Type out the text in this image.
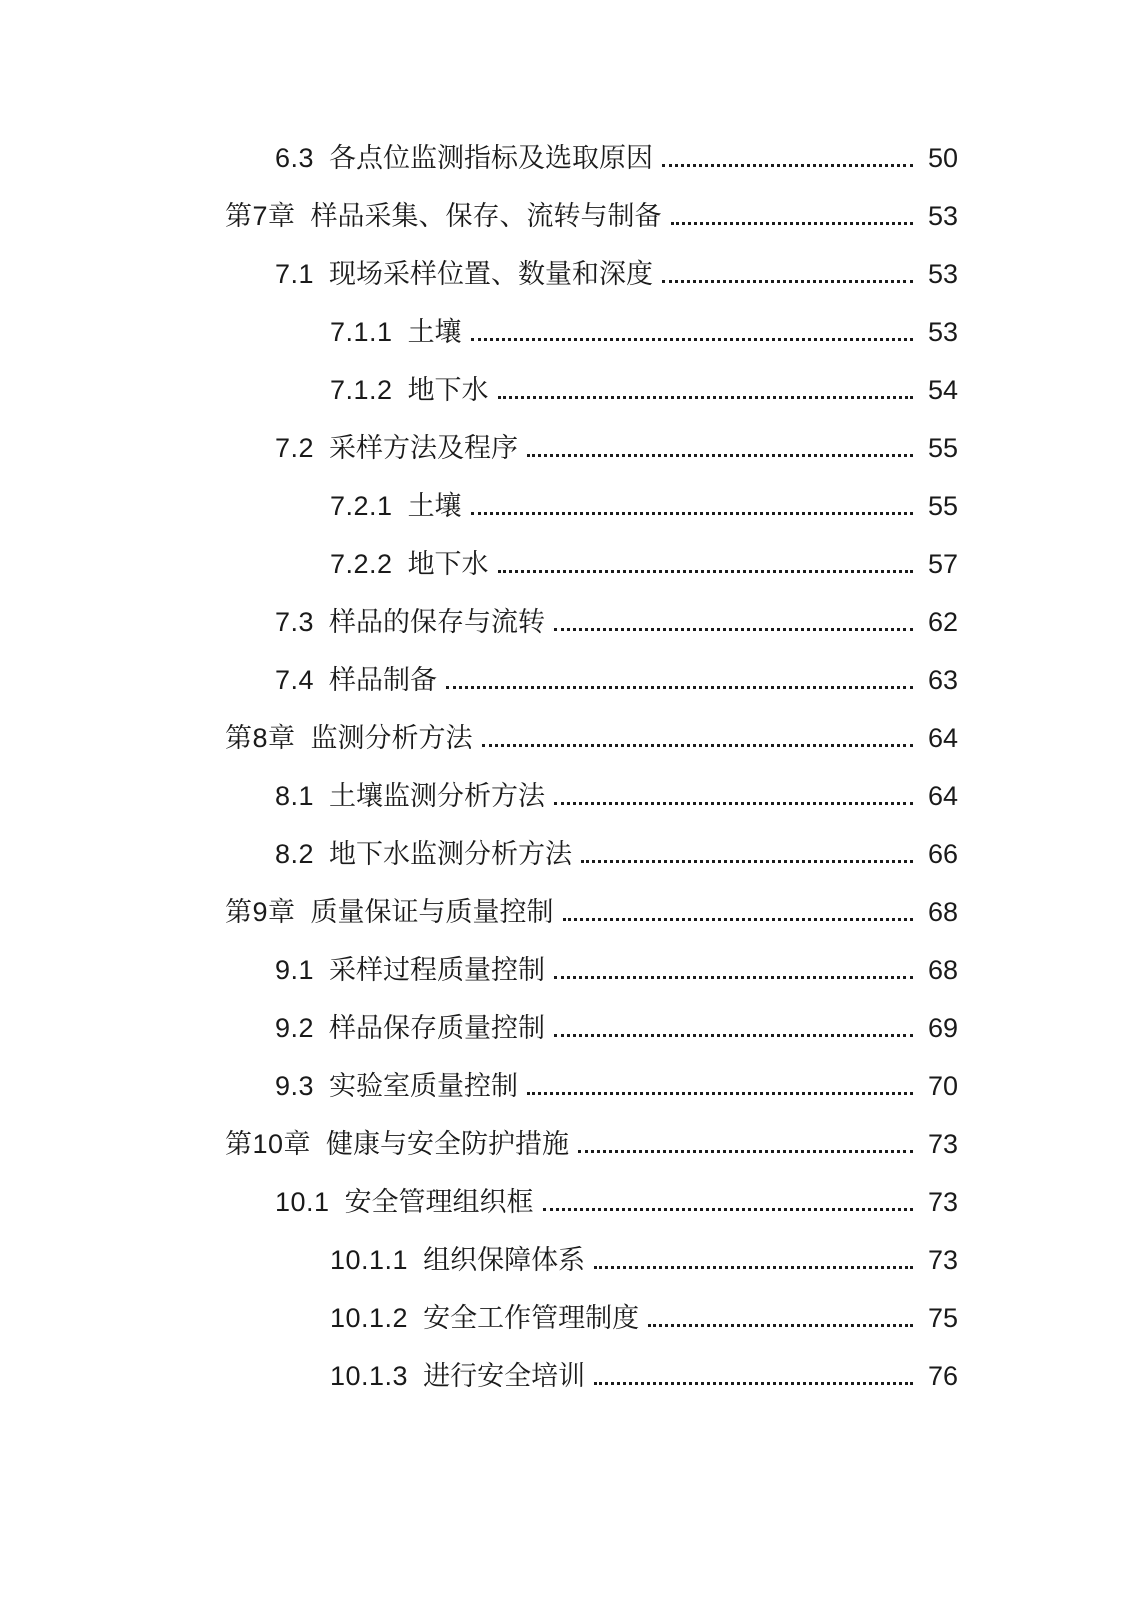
6.3 各点位监测指标及选取原因	50
第7章 样品采集、保存、流转与制备	53
7.1 现场采样位置、数量和深度	53
7.1.1 土壤	53
7.1.2 地下水	54
7.2 采样方法及程序	55
7.2.1 土壤	55
7.2.2 地下水	57
7.3 样品的保存与流转	62
7.4 样品制备	63
第8章 监测分析方法	64
8.1 土壤监测分析方法	64
8.2 地下水监测分析方法	66
第9章 质量保证与质量控制	68
9.1 采样过程质量控制	68
9.2 样品保存质量控制	69
9.3 实验室质量控制	70
第10章 健康与安全防护措施	73
10.1 安全管理组织框	73
10.1.1 组织保障体系	73
10.1.2 安全工作管理制度	75
10.1.3 进行安全培训	76
